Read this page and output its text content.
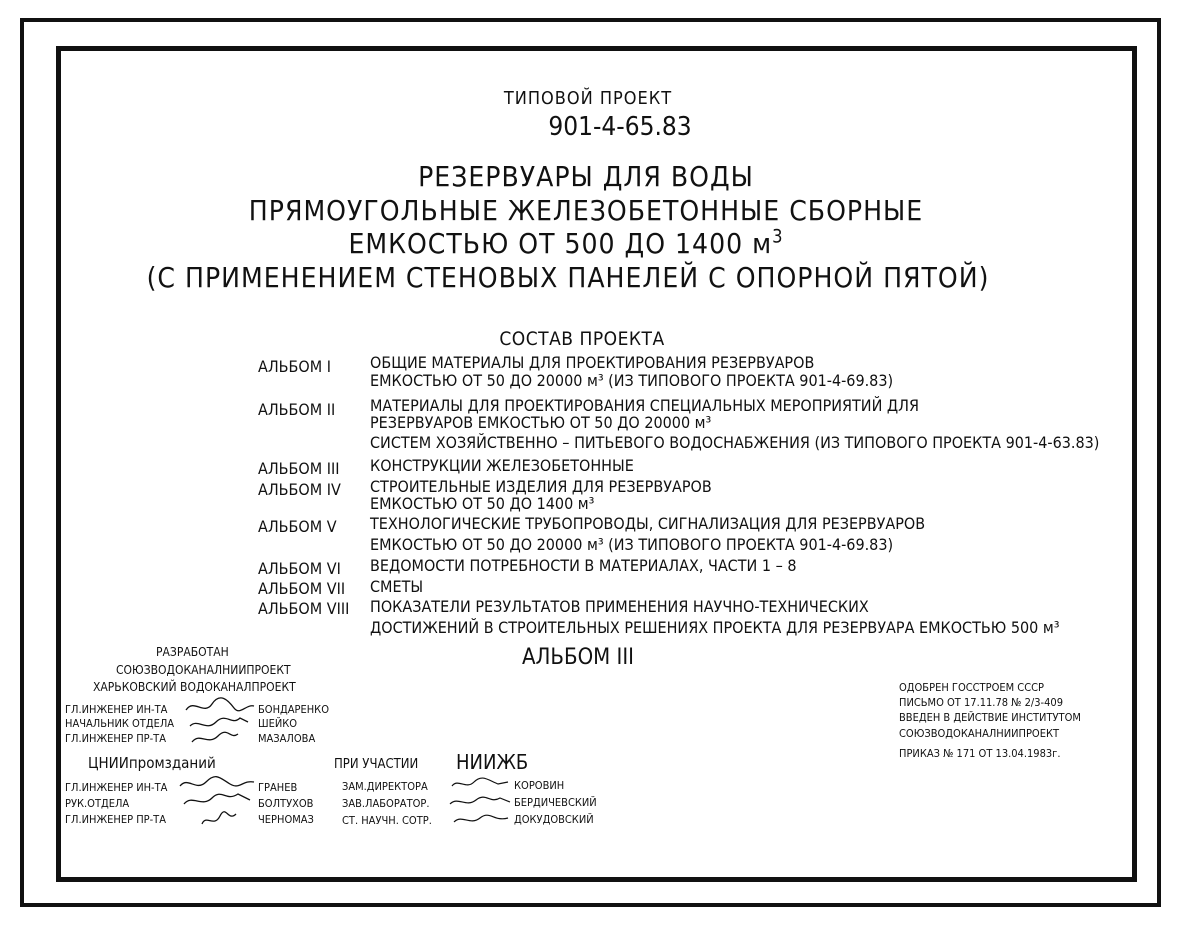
ТИПОВОЙ ПРОЕКТ
901-4-65.83
РЕЗЕРВУАРЫ ДЛЯ ВОДЫ
ПРЯМОУГОЛЬНЫЕ ЖЕЛЕЗОБЕТОННЫЕ СБОРНЫЕ
ЕМКОСТЬЮ ОТ 500 ДО 1400 $м^3$
(С ПРИМЕНЕНИЕМ СТЕНОВЫХ ПАНЕЛЕЙ С ОПОРНОЙ ПЯТОЙ)
СОСТАВ ПРОЕКТА
АЛЬБОМ I ОБЩИЕ МАТЕРИАЛЫ ДЛЯ ПРОЕКТИРОВАНИЯ РЕЗЕРВУАРОВ
ЕМКОСТЬЮ ОТ 50 ДО 20000 м³ (ИЗ ТИПОВОГО ПРОЕКТА 901-4-69.83)
АЛЬБОМ II МАТЕРИАЛЫ ДЛЯ ПРОЕКТИРОВАНИЯ СПЕЦИАЛЬНЫХ МЕРОПРИЯТИЙ ДЛЯ
РЕЗЕРВУАРОВ ЕМКОСТЬЮ ОТ 50 ДО 20000 м³
СИСТЕМ ХОЗЯЙСТВЕННО – ПИТЬЕВОГО ВОДОСНАБЖЕНИЯ (ИЗ ТИПОВОГО ПРОЕКТА 901-4-63.83)
АЛЬБОМ III КОНСТРУКЦИИ ЖЕЛЕЗОБЕТОННЫЕ
АЛЬБОМ IV СТРОИТЕЛЬНЫЕ ИЗДЕЛИЯ ДЛЯ РЕЗЕРВУАРОВ
ЕМКОСТЬЮ ОТ 50 ДО 1400 м³
АЛЬБОМ V ТЕХНОЛОГИЧЕСКИЕ ТРУБОПРОВОДЫ, СИГНАЛИЗАЦИЯ ДЛЯ РЕЗЕРВУАРОВ
ЕМКОСТЬЮ ОТ 50 ДО 20000 м³ (ИЗ ТИПОВОГО ПРОЕКТА 901-4-69.83)
АЛЬБОМ VI ВЕДОМОСТИ ПОТРЕБНОСТИ В МАТЕРИАЛАХ, ЧАСТИ 1 – 8
АЛЬБОМ VII СМЕТЫ
АЛЬБОМ VIII ПОКАЗАТЕЛИ РЕЗУЛЬТАТОВ ПРИМЕНЕНИЯ НАУЧНО-ТЕХНИЧЕСКИХ
ДОСТИЖЕНИЙ В СТРОИТЕЛЬНЫХ РЕШЕНИЯХ ПРОЕКТА ДЛЯ РЕЗЕРВУАРА ЕМКОСТЬЮ 500 м³
АЛЬБОМ III
РАЗРАБОТАН
СОЮЗВОДОКАНАЛНИИПРОЕКТ
ХАРЬКОВСКИЙ ВОДОКАНАЛПРОЕКТ
ГЛ.ИНЖЕНЕР ИН-ТА	БОНДАРЕНКО
НАЧАЛЬНИК ОТДЕЛА	ШЕЙКО
ГЛ.ИНЖЕНЕР ПР-ТА	МАЗАЛОВА
ЦНИИпромзданий
ГЛ.ИНЖЕНЕР ИН-ТА	ГРАНЕВ
РУК.ОТДЕЛА	БОЛТУХОВ
ГЛ.ИНЖЕНЕР ПР-ТА	ЧЕРНОМАЗ
ПРИ УЧАСТИИ НИИЖБ
ЗАМ.ДИРЕКТОРА	КОРОВИН
ЗАВ.ЛАБОРАТОР.	БЕРДИЧЕВСКИЙ
СТ. НАУЧН. СОТР.	ДОКУДОВСКИЙ
ОДОБРЕН ГОССТРОЕМ СССР
ПИСЬМО ОТ 17.11.78 № 2/3-409
ВВЕДЕН В ДЕЙСТВИЕ ИНСТИТУТОМ
СОЮЗВОДОКАНАЛНИИПРОЕКТ
ПРИКАЗ № 171 ОТ 13.04.1983г.
